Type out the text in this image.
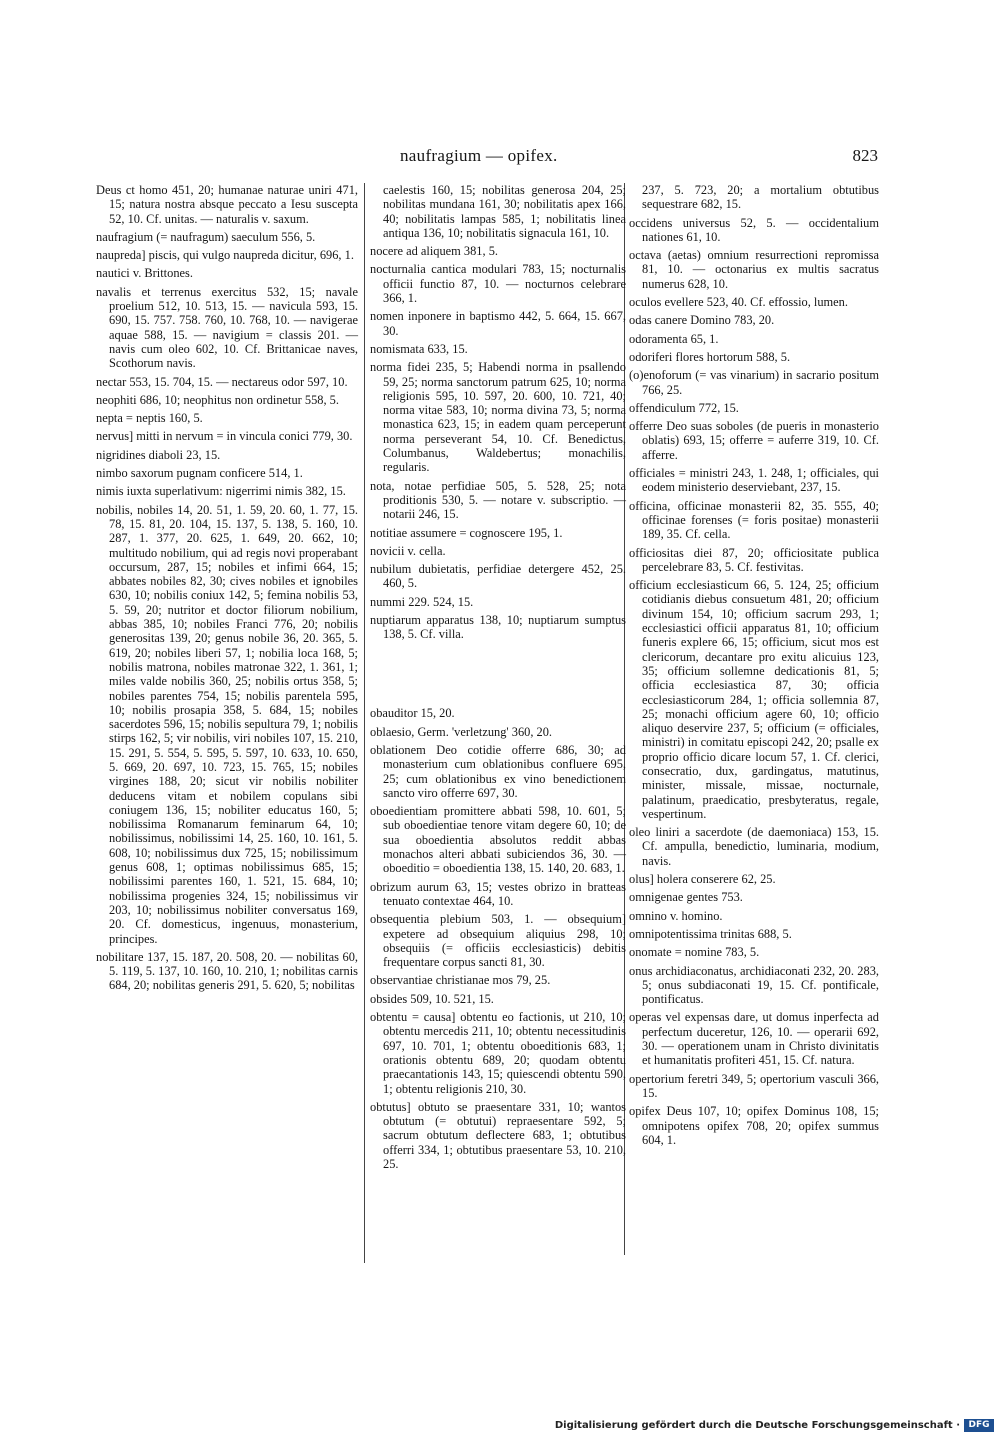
naufragium — opifex.	823

Deus ct homo 451, 20; humanae naturae uniri 471, 15; natura nostra absque peccato a Iesu suscepta 52, 10. Cf. unitas. — naturalis v. saxum.

naufragium (= naufragum) saeculum 556, 5.

naupreda] piscis, qui vulgo naupreda dicitur, 696, 1.

nautici v. Brittones.

navalis et terrenus exercitus 532, 15; navale proelium 512, 10. 513, 15. — navicula 593, 15. 690, 15. 757. 758. 760, 10. 768, 10. — navigerae aquae 588, 15. — navigium = classis 201. — navis cum oleo 602, 10. Cf. Brittanicae naves, Scothorum navis.

nectar 553, 15. 704, 15. — nectareus odor 597, 10.

neophiti 686, 10; neophitus non ordinetur 558, 5.

nepta = neptis 160, 5.

nervus] mitti in nervum = in vincula conici 779, 30.

nigridines diaboli 23, 15.

nimbo saxorum pugnam conficere 514, 1.

nimis iuxta superlativum: nigerrimi nimis 382, 15.

nobilis, nobiles 14, 20. 51, 1. 59, 20. 60, 1. 77, 15. 78, 15. 81, 20. 104, 15. 137, 5. 138, 5. 160, 10. 287, 1. 377, 20. 625, 1. 649, 20. 662, 10; multitudo nobilium, qui ad regis novi properabant occursum, 287, 15; nobiles et infimi 664, 15; abbates nobiles 82, 30; cives nobiles et ignobiles 630, 10; nobilis coniux 142, 5; femina nobilis 53, 5. 59, 20; nutritor et doctor filiorum nobilium, abbas 385, 10; nobiles Franci 776, 20; nobilis generositas 139, 20; genus nobile 36, 20. 365, 5. 619, 20; nobiles liberi 57, 1; nobilia loca 168, 5; nobilis matrona, nobiles matronae 322, 1. 361, 1; miles valde nobilis 360, 25; nobilis ortus 358, 5; nobiles parentes 754, 15; nobilis parentela 595, 10; nobilis prosapia 358, 5. 684, 15; nobiles sacerdotes 596, 15; nobilis sepultura 79, 1; nobilis stirps 162, 5; vir nobilis, viri nobiles 107, 15. 210, 15. 291, 5. 554, 5. 595, 5. 597, 10. 633, 10. 650, 5. 669, 20. 697, 10. 723, 15. 765, 15; nobiles virgines 188, 20; sicut vir nobilis nobiliter deducens vitam et nobilem copulans sibi coniugem 136, 15; nobiliter educatus 160, 5; nobilissima Romanarum feminarum 64, 10; nobilissimus, nobilissimi 14, 25. 160, 10. 161, 5. 608, 10; nobilissimus dux 725, 15; nobilissimum genus 608, 1; optimas nobilissimus 685, 15; nobilissimi parentes 160, 1. 521, 15. 684, 10; nobilissima progenies 324, 15; nobilissimus vir 203, 10; nobilissimus nobiliter conversatus 169, 20. Cf. domesticus, ingenuus, monasterium, principes.

nobilitare 137, 15. 187, 20. 508, 20. — nobilitas 60, 5. 119, 5. 137, 10. 160, 10. 210, 1; nobilitas carnis 684, 20; nobilitas generis 291, 5. 620, 5; nobilitas

caelestis 160, 15; nobilitas generosa 204, 25; nobilitas mundana 161, 30; nobilitatis apex 166, 40; nobilitatis lampas 585, 1; nobilitatis linea antiqua 136, 10; nobilitatis signacula 161, 10.

nocere ad aliquem 381, 5.

nocturnalia cantica modulari 783, 15; nocturnalis officii functio 87, 10. — nocturnos celebrare 366, 1.

nomen inponere in baptismo 442, 5. 664, 15. 667, 30.

nomismata 633, 15.

norma fidei 235, 5; Habendi norma in psallendo 59, 25; norma sanctorum patrum 625, 10; norma religionis 595, 10. 597, 20. 600, 10. 721, 40; norma vitae 583, 10; norma divina 73, 5; norma monastica 623, 15; in eadem quam perceperunt norma perseverant 54, 10. Cf. Benedictus, Columbanus, Waldebertus; monachilis, regularis.

nota, notae perfidiae 505, 5. 528, 25; nota proditionis 530, 5. — notare v. subscriptio. — notarii 246, 15.

notitiae assumere = cognoscere 195, 1.

novicii v. cella.

nubilum dubietatis, perfidiae detergere 452, 25. 460, 5.

nummi 229. 524, 15.

nuptiarum apparatus 138, 10; nuptiarum sumptus 138, 5. Cf. villa.

obauditor 15, 20.

oblaesio, Germ. 'verletzung' 360, 20.

oblationem Deo cotidie offerre 686, 30; ad monasterium cum oblationibus confluere 695, 25; cum oblationibus ex vino benedictionem sancto viro offerre 697, 30.

oboedientiam promittere abbati 598, 10. 601, 5; sub oboedientiae tenore vitam degere 60, 10; de sua oboedientia absolutos reddit abbas monachos alteri abbati subiciendos 36, 30. — oboeditio = oboedientia 138, 15. 140, 20. 683, 1.

obrizum aurum 63, 15; vestes obrizo in bratteas tenuato contextae 464, 10.

obsequentia plebium 503, 1. — obsequium] expetere ad obsequium aliquius 298, 10; obsequiis (= officiis ecclesiasticis) debitis frequentare corpus sancti 81, 30.

observantiae christianae mos 79, 25.

obsides 509, 10. 521, 15.

obtentu = causa] obtentu eo factionis, ut 210, 10; obtentu mercedis 211, 10; obtentu necessitudinis 697, 10. 701, 1; obtentu oboeditionis 683, 1; orationis obtentu 689, 20; quodam obtentu praecantationis 143, 15; quiescendi obtentu 590, 1; obtentu religionis 210, 30.

obtutus] obtuto se praesentare 331, 10; wantos obtutum (= obtutui) repraesentare 592, 5; sacrum obtutum deflectere 683, 1; obtutibus offerri 334, 1; obtutibus praesentare 53, 10. 210, 25.

237, 5. 723, 20; a mortalium obtutibus sequestrare 682, 15.

occidens universus 52, 5. — occidentalium nationes 61, 10.

octava (aetas) omnium resurrectioni repromissa 81, 10. — octonarius ex multis sacratus numerus 628, 10.

oculos evellere 523, 40. Cf. effossio, lumen.

odas canere Domino 783, 20.

odoramenta 65, 1.

odoriferi flores hortorum 588, 5.

(o)enoforum (= vas vinarium) in sacrario positum 766, 25.

offendiculum 772, 15.

offerre Deo suas soboles (de pueris in monasterio oblatis) 693, 15; offerre = auferre 319, 10. Cf. afferre.

officiales = ministri 243, 1. 248, 1; officiales, qui eodem ministerio deserviebant, 237, 15.

officina, officinae monasterii 82, 35. 555, 40; officinae forenses (= foris positae) monasterii 189, 35. Cf. cella.

officiositas diei 87, 20; officiositate publica percelebrare 83, 5. Cf. festivitas.

officium ecclesiasticum 66, 5. 124, 25; officium cotidianis diebus consuetum 481, 20; officium divinum 154, 10; officium sacrum 293, 1; ecclesiastici officii apparatus 81, 10; officium funeris explere 66, 15; officium, sicut mos est clericorum, decantare pro exitu alicuius 123, 35; officium sollemne dedicationis 81, 5; officia ecclesiastica 87, 30; officia ecclesiasticorum 284, 1; officia sollemnia 87, 25; monachi officium agere 60, 10; officio aliquo deservire 237, 5; officium (= officiales, ministri) in comitatu episcopi 242, 20; psalle ex proprio officio dicare locum 57, 1. Cf. clerici, consecratio, dux, gardingatus, matutinus, minister, missale, missae, nocturnale, palatinum, praedicatio, presbyteratus, regale, vespertinum.

oleo liniri a sacerdote (de daemoniaca) 153, 15. Cf. ampulla, benedictio, luminaria, modium, navis.

olus] holera conserere 62, 25.

omnigenae gentes 753.

omnino v. homino.

omnipotentissima trinitas 688, 5.

onomate = nomine 783, 5.

onus archidiaconatus, archidiaconati 232, 20. 283, 5; onus subdiaconati 19, 15. Cf. pontificale, pontificatus.

operas vel expensas dare, ut domus inperfecta ad perfectum duceretur, 126, 10. — operarii 692, 30. — operationem unam in Christo divinitatis et humanitatis profiteri 451, 15. Cf. natura.

opertorium feretri 349, 5; opertorium vasculi 366, 15.

opifex Deus 107, 10; opifex Dominus 108, 15; omnipotens opifex 708, 20; opifex summus 604, 1.

Digitalisierung gefördert durch die Deutsche Forschungsgemeinschaft · DFG
